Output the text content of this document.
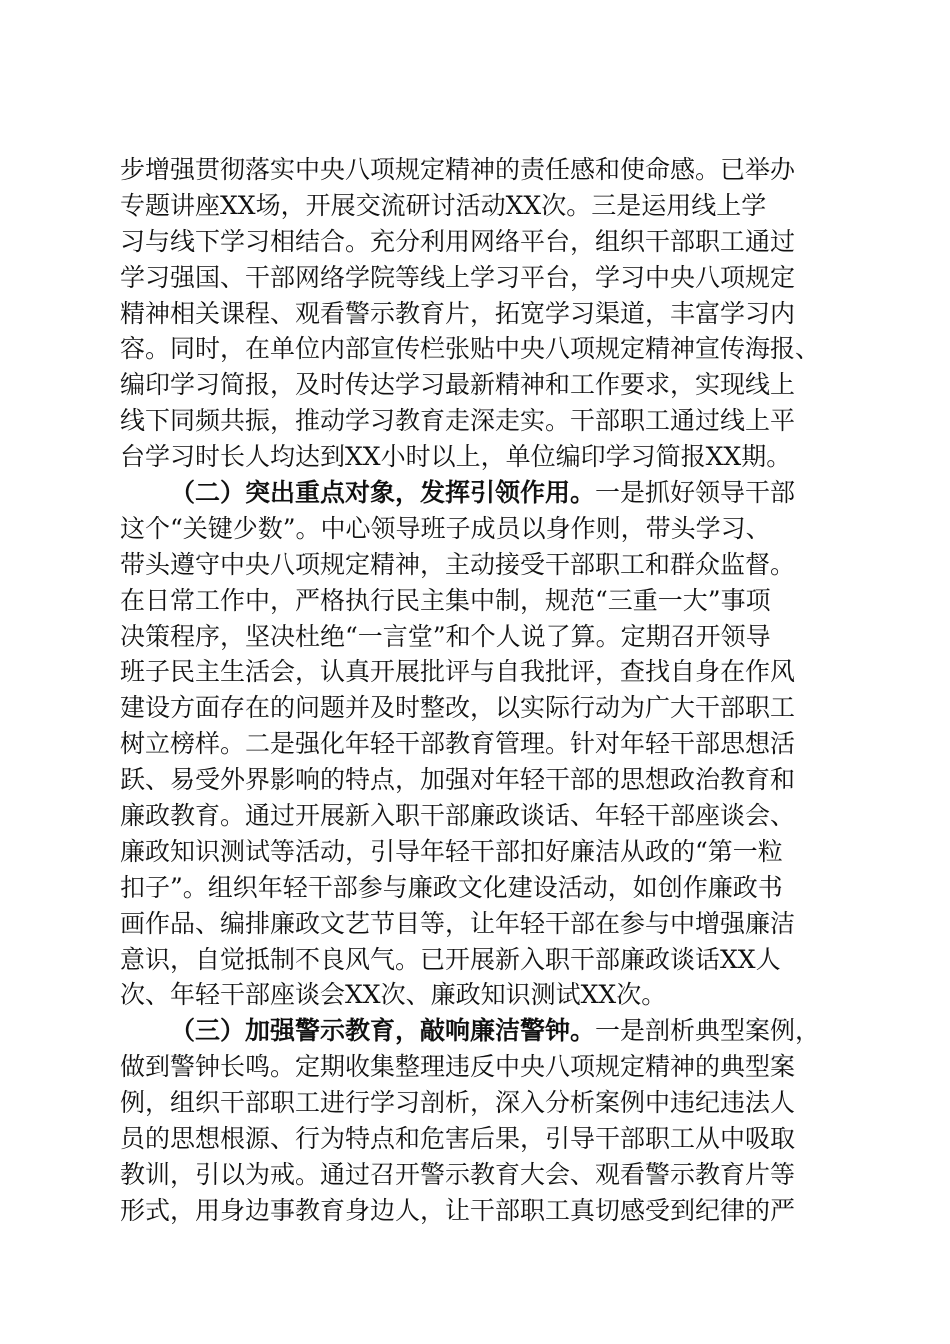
步增强贯彻落实中央八项规定精神的责任感和使命感。已举办
专题讲座XX场，开展交流研讨活动XX次。三是运用线上学
习与线下学习相结合。充分利用网络平台，组织干部职工通过
学习强国、干部网络学院等线上学习平台，学习中央八项规定
精神相关课程、观看警示教育片，拓宽学习渠道，丰富学习内
容。同时，在单位内部宣传栏张贴中央八项规定精神宣传海报、
编印学习简报，及时传达学习最新精神和工作要求，实现线上
线下同频共振，推动学习教育走深走实。干部职工通过线上平
台学习时长人均达到XX小时以上，单位编印学习简报XX期。
（二）突出重点对象，发挥引领作用。一是抓好领导干部
这个“关键少数”。中心领导班子成员以身作则，带头学习、
带头遵守中央八项规定精神，主动接受干部职工和群众监督。
在日常工作中，严格执行民主集中制，规范“三重一大”事项
决策程序，坚决杜绝“一言堂”和个人说了算。定期召开领导
班子民主生活会，认真开展批评与自我批评，查找自身在作风
建设方面存在的问题并及时整改，以实际行动为广大干部职工
树立榜样。二是强化年轻干部教育管理。针对年轻干部思想活
跃、易受外界影响的特点，加强对年轻干部的思想政治教育和
廉政教育。通过开展新入职干部廉政谈话、年轻干部座谈会、
廉政知识测试等活动，引导年轻干部扣好廉洁从政的“第一粒
扣子”。组织年轻干部参与廉政文化建设活动，如创作廉政书
画作品、编排廉政文艺节目等，让年轻干部在参与中增强廉洁
意识，自觉抵制不良风气。已开展新入职干部廉政谈话XX人
次、年轻干部座谈会XX次、廉政知识测试XX次。
（三）加强警示教育，敲响廉洁警钟。一是剖析典型案例，
做到警钟长鸣。定期收集整理违反中央八项规定精神的典型案
例，组织干部职工进行学习剖析，深入分析案例中违纪违法人
员的思想根源、行为特点和危害后果，引导干部职工从中吸取
教训，引以为戒。通过召开警示教育大会、观看警示教育片等
形式，用身边事教育身边人，让干部职工真切感受到纪律的严
